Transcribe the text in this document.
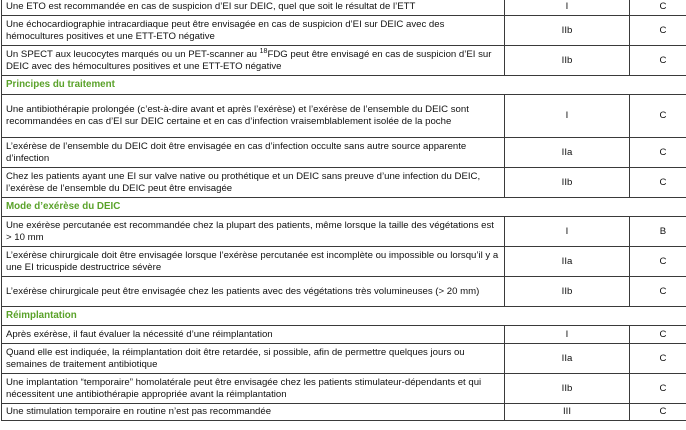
Une ETO est recommandée en cas de suspicion d’EI sur DEIC, quel que soit le résultat de l’ETT	I	C
Une échocardiographie intracardiaque peut être envisagée en cas de suspicion d’EI sur DEIC avec des hémocultures positives et une ETT-ETO négative	IIb	C
Un SPECT aux leucocytes marqués ou un PET-scanner au $^{18}$FDG peut être envisagé en cas de suspicion d’EI sur DEIC avec des hémocultures positives et une ETT-ETO négative	IIb	C
Principes du traitement		
Une antibiothérapie prolongée (c’est-à-dire avant et après l’exérèse) et l’exérèse de l’ensemble du DEIC sont recommandées en cas d’EI sur DEIC certaine et en cas d’infection vraisemblablement isolée de la poche	I	C
L’exérèse de l’ensemble du DEIC doit être envisagée en cas d’infection occulte sans autre source apparente d’infection	IIa	C
Chez les patients ayant une EI sur valve native ou prothétique et un DEIC sans preuve d’une infection du DEIC, l’exérèse de l’ensemble du DEIC peut être envisagée	IIb	C
Mode d’exérèse du DEIC		
Une exérèse percutanée est recommandée chez la plupart des patients, même lorsque la taille des végétations est > 10 mm	I	B
L’exérèse chirurgicale doit être envisagée lorsque l’exérèse percutanée est incomplète ou impossible ou lorsqu’il y a une EI tricuspide destructrice sévère	IIa	C
L’exérèse chirurgicale peut être envisagée chez les patients avec des végétations très volumineuses (> 20 mm)	IIb	C
Réimplantation		
Après exérèse, il faut évaluer la nécessité d’une réimplantation	I	C
Quand elle est indiquée, la réimplantation doit être retardée, si possible, afin de permettre quelques jours ou semaines de traitement antibiotique	IIa	C
Une implantation “temporaire” homolatérale peut être envisagée chez les patients stimulateur-dépendants et qui nécessitent une antibiothérapie appropriée avant la réimplantation	IIb	C
Une stimulation temporaire en routine n’est pas recommandée	III	C
